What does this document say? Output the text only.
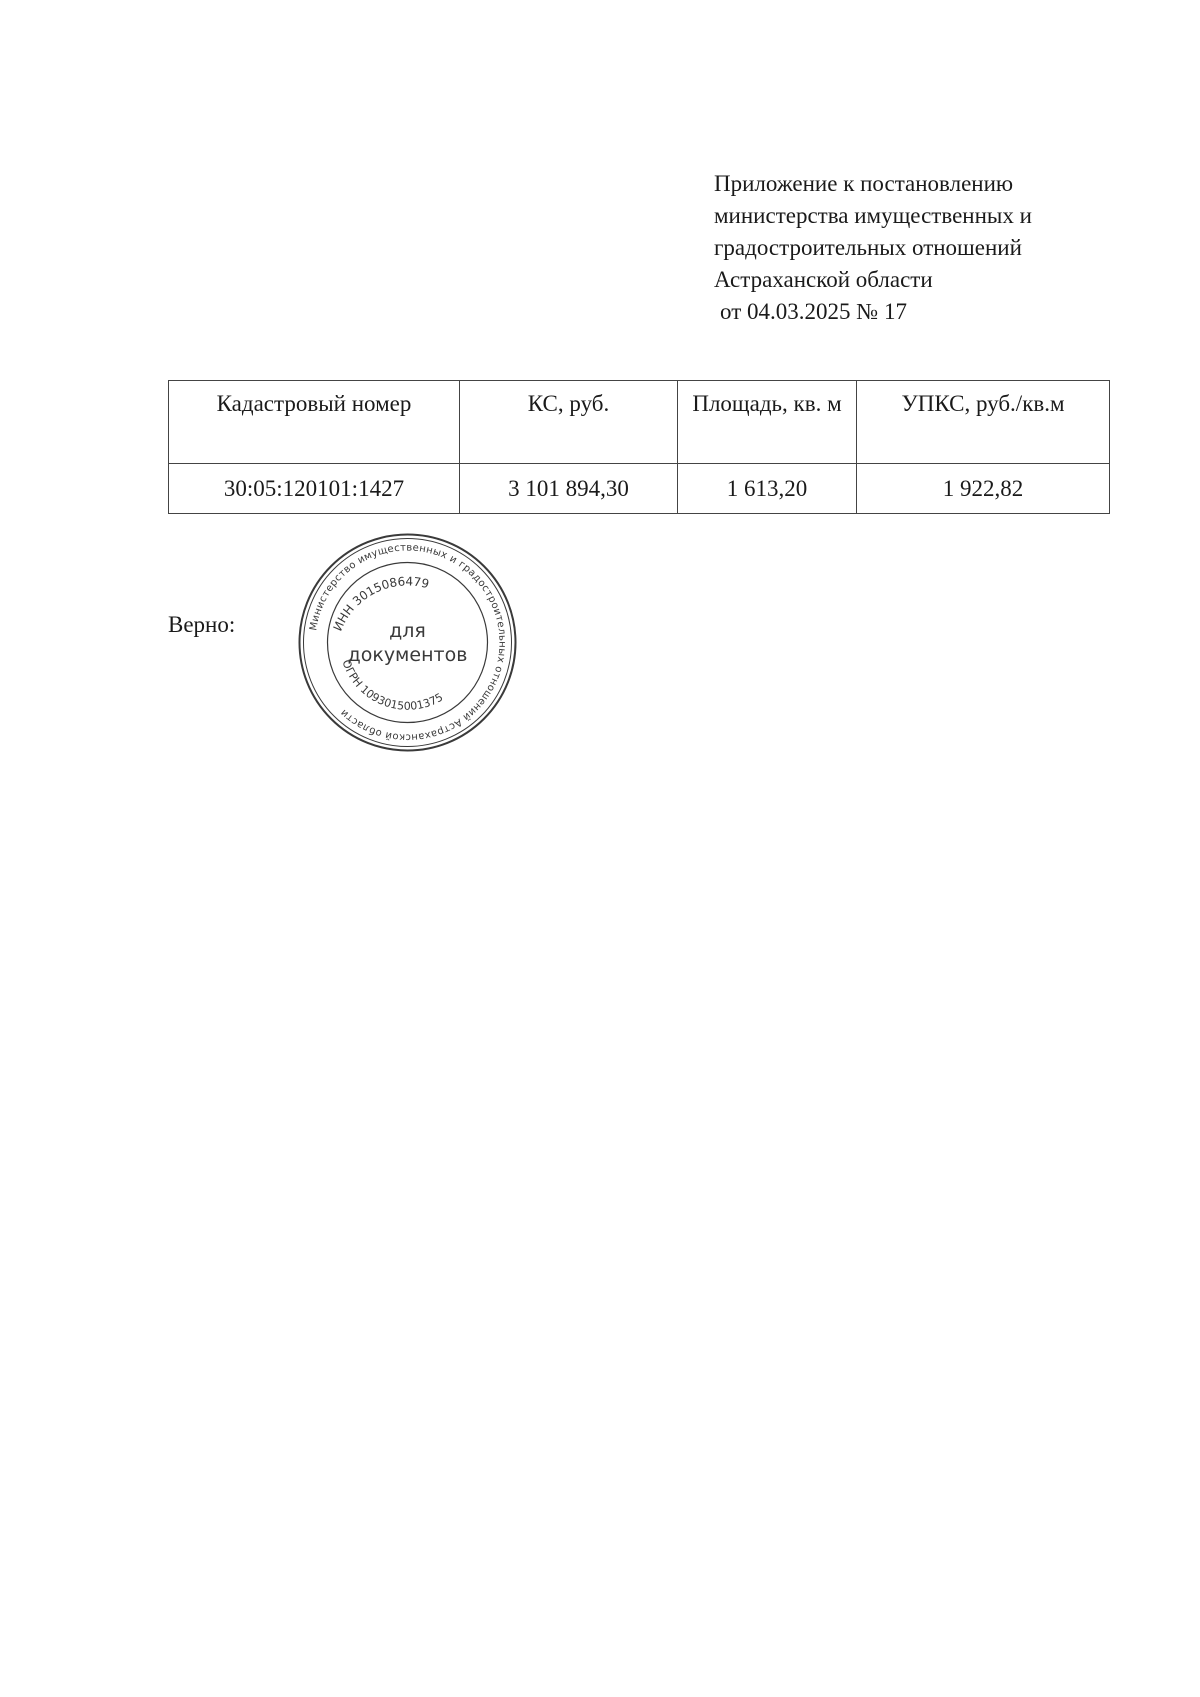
Приложение к постановлению
министерства имущественных и
градостроительных отношений
Астраханской области
от 04.03.2025 № 17
Кадастровый номер	КС, руб.	Площадь, кв. м	УПКС, руб./кв.м
30:05:120101:1427	3 101 894,30	1 613,20	1 922,82
Верно:	Министерство имущественных и градостроительных отношений Астраханской области
ИНН 3015086479
ОГРН 1093015001375
для
документов
